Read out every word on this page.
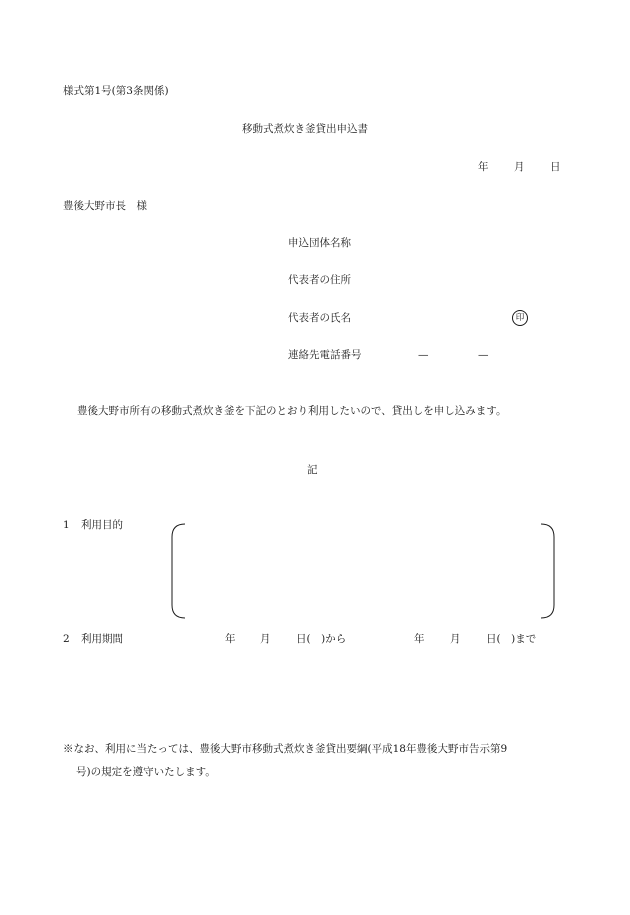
様式第1号(第3条関係)
移動式煮炊き釜貸出申込書
年 月 日
豊後大野市長　様
申込団体名称
代表者の住所
代表者の氏名	印
連絡先電話番号	—	—
豊後大野市所有の移動式煮炊き釜を下記のとおり利用したいので、貸出しを申し込みます。
記
1 利用目的
2 利用期間	年 月 日(　)から	年 月 日(　)まで
※なお、利用に当たっては、豊後大野市移動式煮炊き釜貸出要綱(平成18年豊後大野市告示第9
号)の規定を遵守いたします。
